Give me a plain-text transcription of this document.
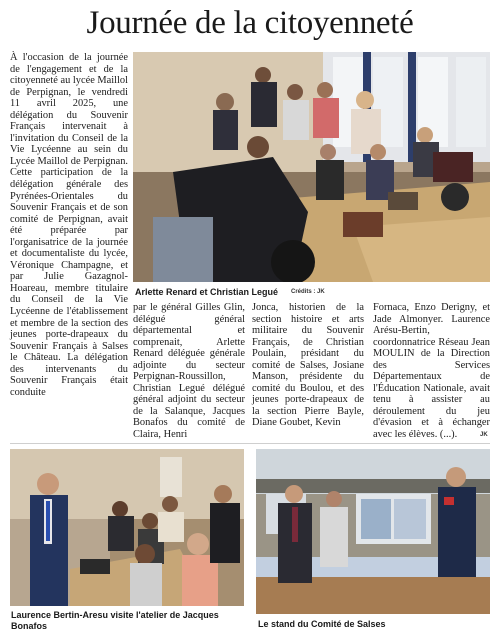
Journée de la citoyenneté
Arlette Renard et Christian Legué Crédits : JK

À l'occasion de la journée de l'engagement et de la citoyenneté au lycée Maillol de Perpignan, le vendredi 11 avril 2025, une délégation du Souvenir Français intervenait à l'invitation du Conseil de la Vie Lycéenne au sein du Lycée Maillol de Perpignan. Cette participation de la délégation générale des Pyrénées-Orientales du Souvenir Français et de son comité de Perpignan, avait été préparée par l'organisatrice de la journée et documentaliste du lycée, Véronique Champagne, et par Julie Gazagnol-Hoareau, membre titulaire du Conseil de la Vie Lycéenne de l'établissement et membre de la section des jeunes porte-drapeaux du Souvenir Français à Salses le Château. La délégation des intervenants du Souvenir Français était conduite

par le général Gilles Glin, délégué général départemental et comprenait, Arlette Renard déléguée générale adjointe du secteur Perpignan-Roussillon, Christian Legué délégué général adjoint du secteur de la Salanque, Jacques Bonafos du comité de Claira, Henri

Jonca, historien de la section histoire et arts militaire du Souvenir Français, de Christian Poulain, présidant du comité de Salses, Josiane Manson, présidente du comité du Boulou, et des jeunes porte-drapeaux de la section Pierre Bayle, Diane Goubet, Kevin

Fornaca, Enzo Derigny, et Jade Almonyer. Laurence Arésu-Bertin, coordonnatrice Réseau Jean MOULIN de la Direction des Services Départementaux de l'Éducation Nationale, avait tenu à assister au déroulement du jeu d'évasion et à échanger avec les élèves. (...).	JK
Laurence Bertin-Aresu visite l'atelier de Jacques Bonafos	Le stand du Comité de Salses
